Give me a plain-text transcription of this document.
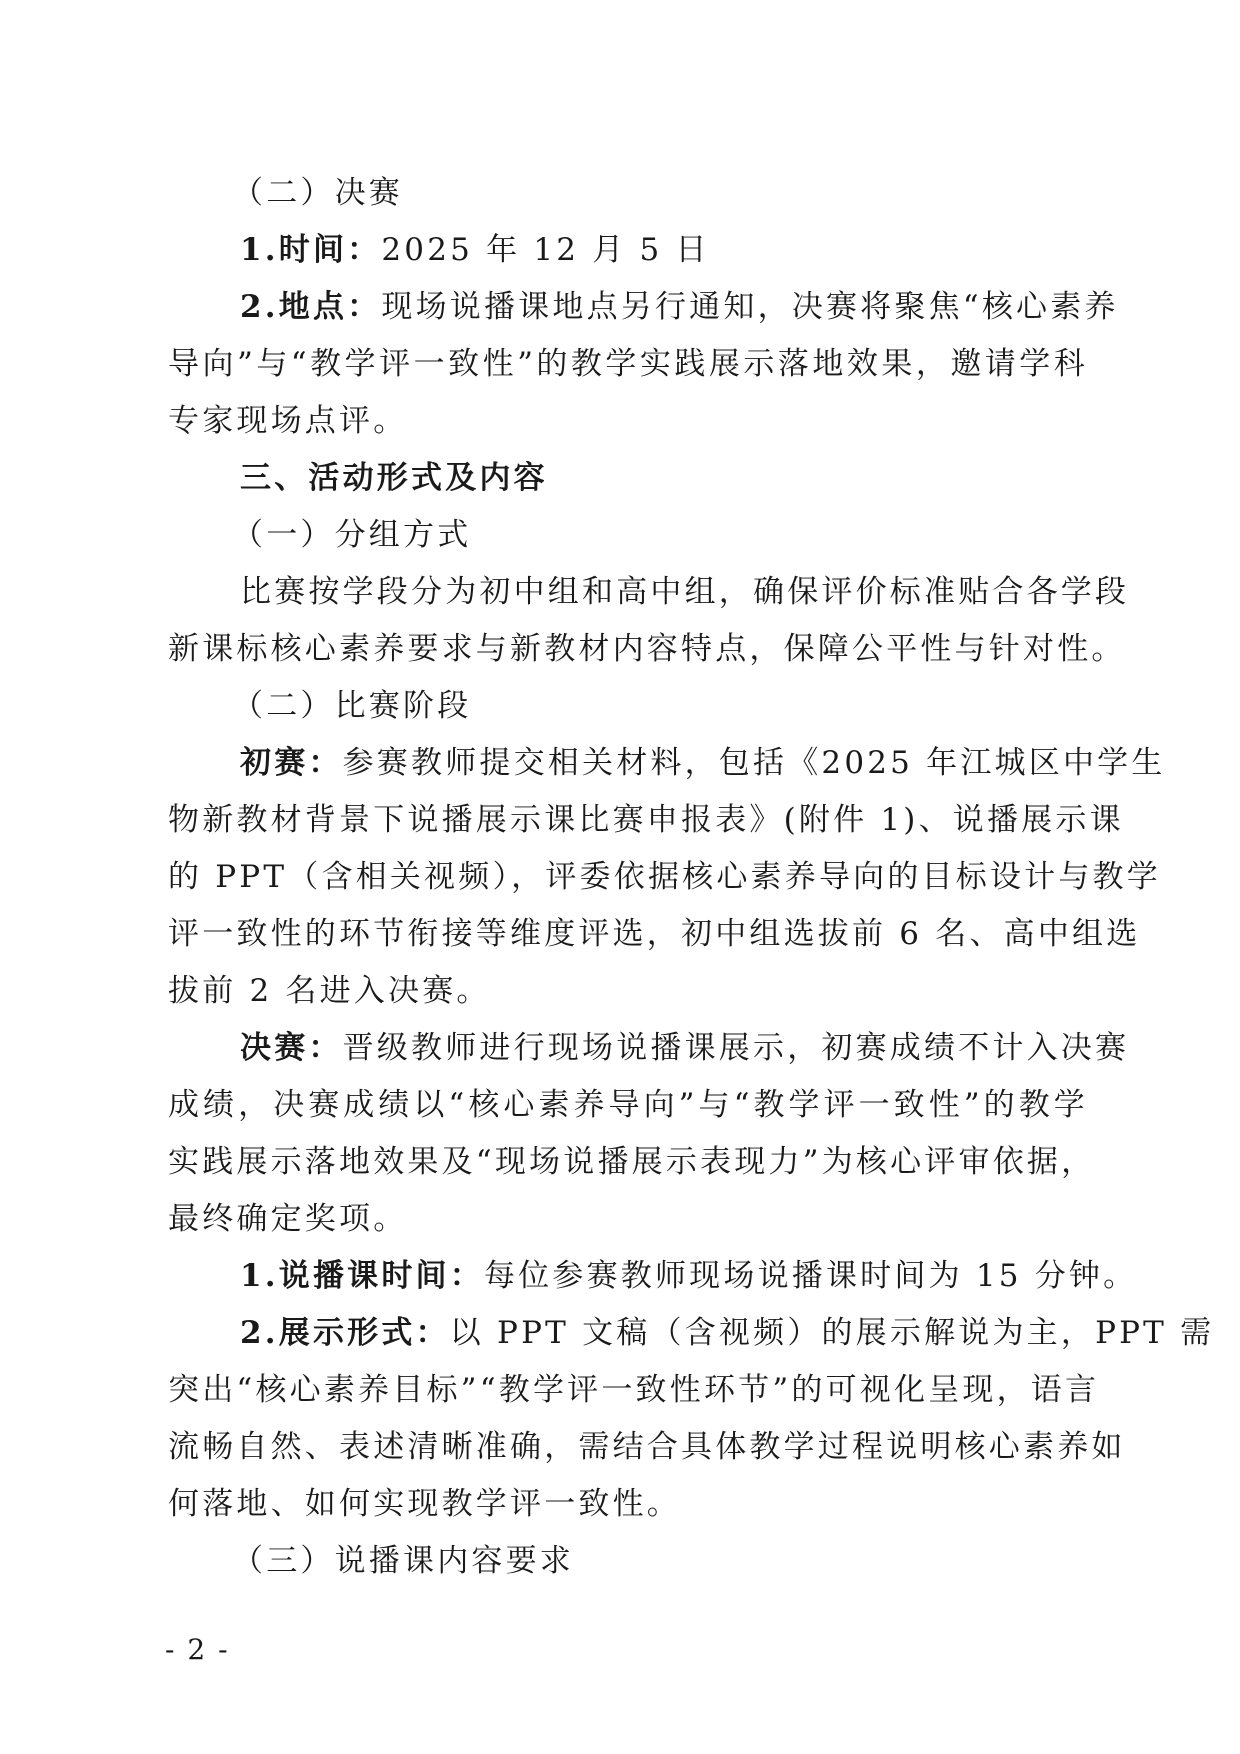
（二）决赛
1.时间：2025 年 12 月 5 日
2.地点：现场说播课地点另行通知，决赛将聚焦“核心素养
导向”与“教学评一致性”的教学实践展示落地效果，邀请学科
专家现场点评。
三、活动形式及内容
（一）分组方式
比赛按学段分为初中组和高中组，确保评价标准贴合各学段
新课标核心素养要求与新教材内容特点，保障公平性与针对性。
（二）比赛阶段
初赛：参赛教师提交相关材料，包括《2025 年江城区中学生
物新教材背景下说播展示课比赛申报表》(附件 1)、说播展示课
的 PPT（含相关视频），评委依据核心素养导向的目标设计与教学
评一致性的环节衔接等维度评选，初中组选拔前 6 名、高中组选
拔前 2 名进入决赛。
决赛：晋级教师进行现场说播课展示，初赛成绩不计入决赛
成绩，决赛成绩以“核心素养导向”与“教学评一致性”的教学
实践展示落地效果及“现场说播展示表现力”为核心评审依据，
最终确定奖项。
1.说播课时间：每位参赛教师现场说播课时间为 15 分钟。
2.展示形式：以 PPT 文稿（含视频）的展示解说为主，PPT 需
突出“核心素养目标”“教学评一致性环节”的可视化呈现，语言
流畅自然、表述清晰准确，需结合具体教学过程说明核心素养如
何落地、如何实现教学评一致性。
（三）说播课内容要求
- 2 -
